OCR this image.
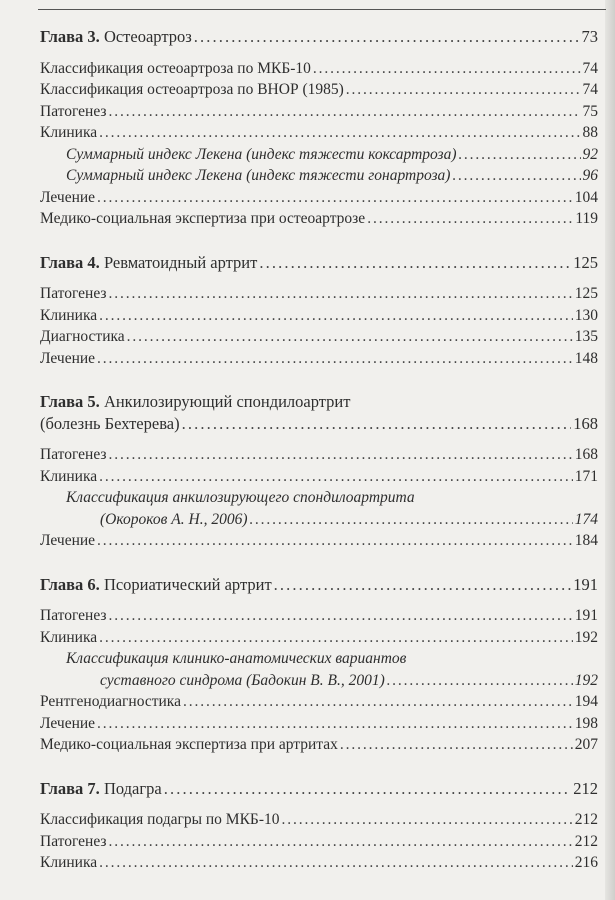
Глава 3. Остеоартроз . . .	73
Классификация остеоартроза по МКБ-10 . . .	74
Классификация остеоартроза по ВНОР (1985) . . .	74
Патогенез . . .	75
Клиника . . .	88
Суммарный индекс Лекена (индекс тяжести коксартроза) . . .	92
Суммарный индекс Лекена (индекс тяжести гонартроза) . . .	96
Лечение . . .	104
Медико-социальная экспертиза при остеоартрозе . . .	119
Глава 4. Ревматоидный артрит . . .	125
Патогенез . . .	125
Клиника . . .	130
Диагностика . . .	135
Лечение . . .	148
Глава 5. Анкилозирующий спондилоартрит
(болезнь Бехтерева) . . .	168
Патогенез . . .	168
Клиника . . .	171
Классификация анкилозирующего спондилоартрита
(Окороков А. Н., 2006) . . .	174
Лечение . . .	184
Глава 6. Псориатический артрит . . .	191
Патогенез . . .	191
Клиника . . .	192
Классификация клинико-анатомических вариантов
суставного синдрома (Бадокин В. В., 2001) . . .	192
Рентгенодиагностика . . .	194
Лечение . . .	198
Медико-социальная экспертиза при артритах . . .	207
Глава 7. Подагра . . .	212
Классификация подагры по МКБ-10 . . .	212
Патогенез . . .	212
Клиника . . .	216
